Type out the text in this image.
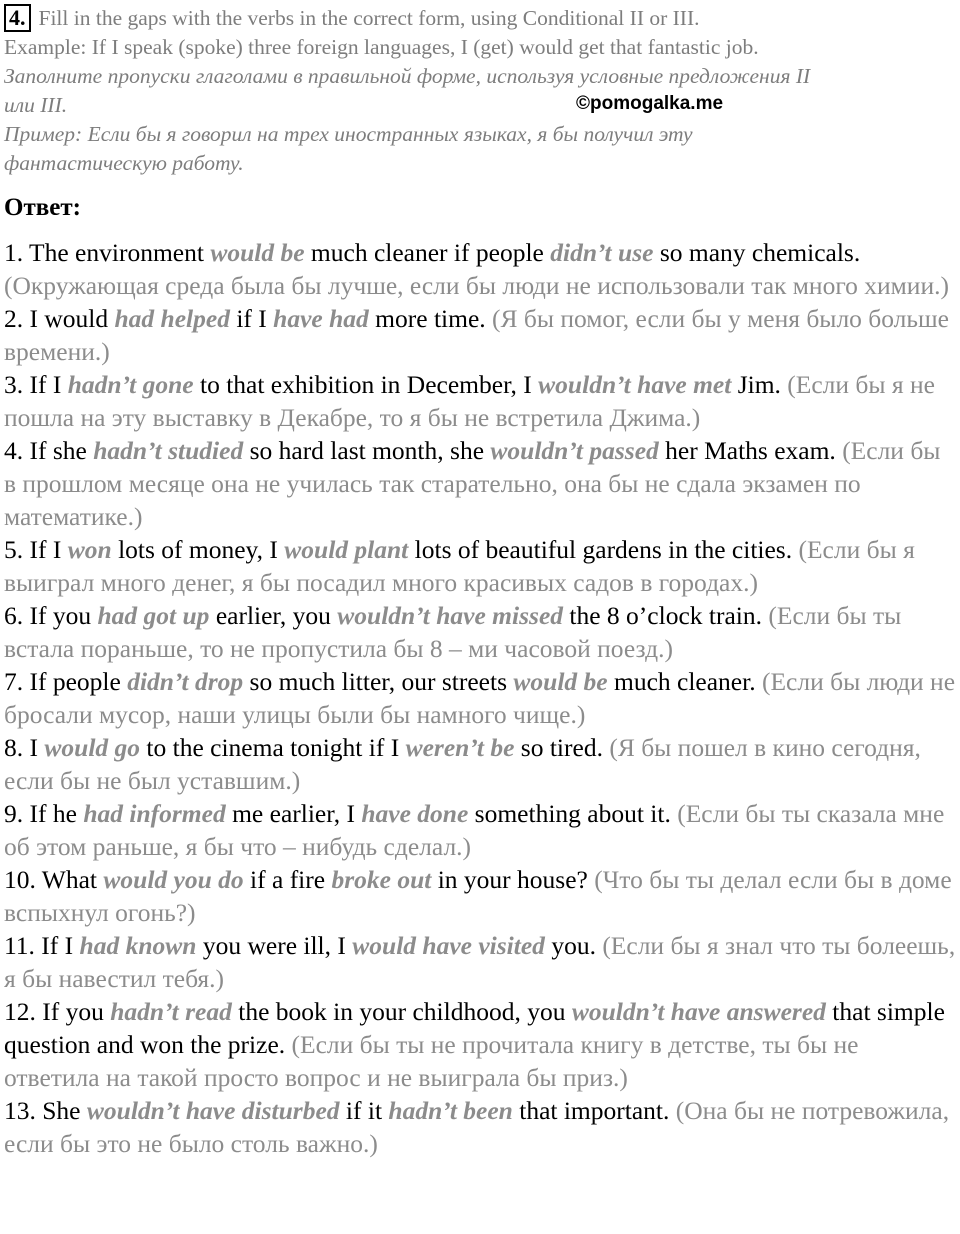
4. Fill in the gaps with the verbs in the correct form, using Conditional II or III.
Example: If I speak (spoke) three foreign languages, I (get) would get that fantastic job.
Заполните пропуски глаголами в правильной форме, используя условные предложения II
или III.
Пример: Если бы я говорил на трех иностранных языках, я бы получил эту
фантастическую работу.
©pomogalka.me
Ответ:

1. The environment would be much cleaner if people didn’t use so many chemicals. (Окружающая среда была бы лучше, если бы люди не использовали так много химии.)

2. I would had helped if I have had more time. (Я бы помог, если бы у меня было больше времени.)

3. If I hadn’t gone to that exhibition in December, I wouldn’t have met Jim. (Если бы я не пошла на эту выставку в Декабре, то я бы не встретила Джима.)

4. If she hadn’t studied so hard last month, she wouldn’t passed her Maths exam. (Если бы в прошлом месяце она не училась так старательно, она бы не сдала экзамен по математике.)

5. If I won lots of money, I would plant lots of beautiful gardens in the cities. (Если бы я выиграл много денег, я бы посадил много красивых садов в городах.)

6. If you had got up earlier, you wouldn’t have missed the 8 o’clock train. (Если бы ты встала пораньше, то не пропустила бы 8 – ми часовой поезд.)

7. If people didn’t drop so much litter, our streets would be much cleaner. (Если бы люди не бросали мусор, наши улицы были бы намного чище.)

8. I would go to the cinema tonight if I weren’t be so tired. (Я бы пошел в кино сегодня, если бы не был уставшим.)

9. If he had informed me earlier, I have done something about it. (Если бы ты сказала мне об этом раньше, я бы что – нибудь сделал.)

10. What would you do if a fire broke out in your house? (Что бы ты делал если бы в доме вспыхнул огонь?)

11. If I had known you were ill, I would have visited you. (Если бы я знал что ты болеешь, я бы навестил тебя.)

12. If you hadn’t read the book in your childhood, you wouldn’t have answered that simple question and won the prize. (Если бы ты не прочитала книгу в детстве, ты бы не ответила на такой просто вопрос и не выиграла бы приз.)

13. She wouldn’t have disturbed if it hadn’t been that important. (Она бы не потревожила, если бы это не было столь важно.)
